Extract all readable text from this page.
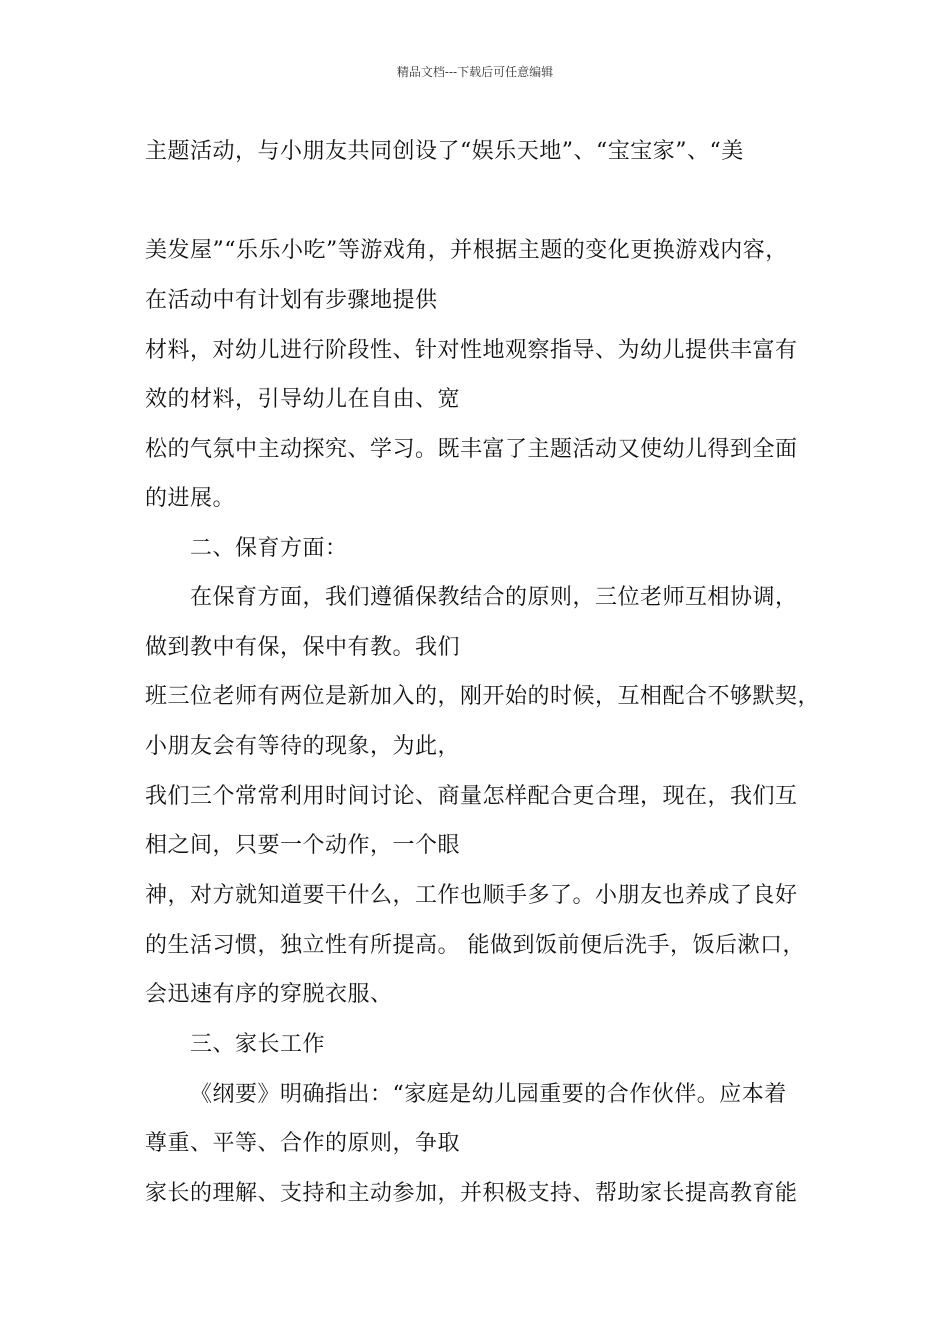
精品文档---下载后可任意编辑
主题活动，与小朋友共同创设了“娱乐天地”、“宝宝家”、“美
美发屋”“乐乐小吃”等游戏角，并根据主题的变化更换游戏内容，
在活动中有计划有步骤地提供
材料，对幼儿进行阶段性、针对性地观察指导、为幼儿提供丰富有
效的材料，引导幼儿在自由、宽
松的气氛中主动探究、学习。既丰富了主题活动又使幼儿得到全面
的进展。
二、保育方面：
在保育方面，我们遵循保教结合的原则，三位老师互相协调，
做到教中有保，保中有教。我们
班三位老师有两位是新加入的，刚开始的时候，互相配合不够默契，
小朋友会有等待的现象，为此，
我们三个常常利用时间讨论、商量怎样配合更合理，现在，我们互
相之间，只要一个动作，一个眼
神，对方就知道要干什么，工作也顺手多了。小朋友也养成了良好
的生活习惯，独立性有所提高。 能做到饭前便后洗手，饭后漱口，
会迅速有序的穿脱衣服、
三、家长工作
《纲要》明确指出：“家庭是幼儿园重要的合作伙伴。应本着
尊重、平等、合作的原则，争取
家长的理解、支持和主动参加，并积极支持、帮助家长提高教育能
